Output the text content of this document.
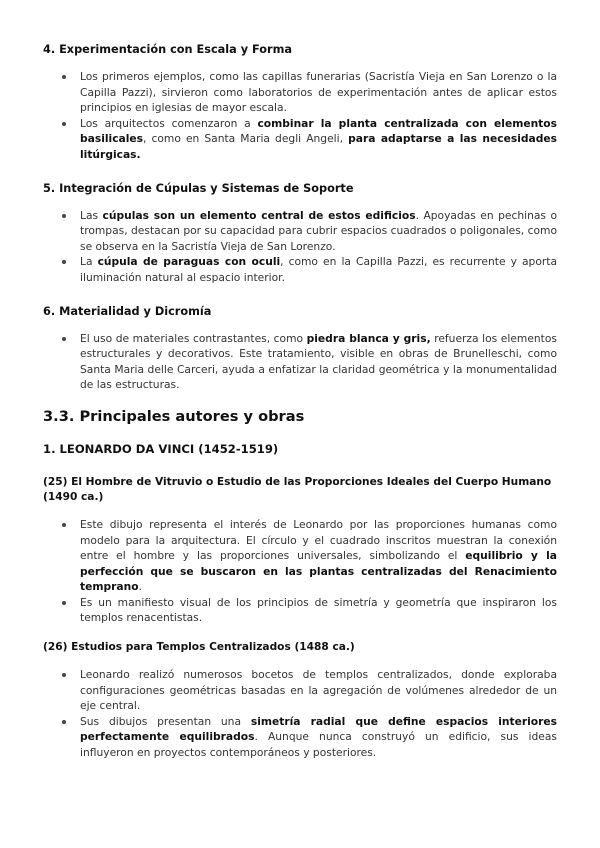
4. Experimentación con Escala y Forma
Los primeros ejemplos, como las capillas funerarias (Sacristía Vieja en San Lorenzo o la Capilla Pazzi), sirvieron como laboratorios de experimentación antes de aplicar estos principios en iglesias de mayor escala.
Los arquitectos comenzaron a combinar la planta centralizada con elementos basilicales, como en Santa Maria degli Angeli, para adaptarse a las necesidades litúrgicas.
5. Integración de Cúpulas y Sistemas de Soporte
Las cúpulas son un elemento central de estos edificios. Apoyadas en pechinas o trompas, destacan por su capacidad para cubrir espacios cuadrados o poligonales, como se observa en la Sacristía Vieja de San Lorenzo.
La cúpula de paraguas con oculi, como en la Capilla Pazzi, es recurrente y aporta iluminación natural al espacio interior.
6. Materialidad y Dicromía
El uso de materiales contrastantes, como piedra blanca y gris, refuerza los elementos estructurales y decorativos. Este tratamiento, visible en obras de Brunelleschi, como Santa Maria delle Carceri, ayuda a enfatizar la claridad geométrica y la monumentalidad de las estructuras.
3.3. Principales autores y obras
1. LEONARDO DA VINCI (1452-1519)
(25) El Hombre de Vitruvio o Estudio de las Proporciones Ideales del Cuerpo Humano (1490 ca.)
Este dibujo representa el interés de Leonardo por las proporciones humanas como modelo para la arquitectura. El círculo y el cuadrado inscritos muestran la conexión entre el hombre y las proporciones universales, simbolizando el equilibrio y la perfección que se buscaron en las plantas centralizadas del Renacimiento temprano.
Es un manifiesto visual de los principios de simetría y geometría que inspiraron los templos renacentistas.
(26) Estudios para Templos Centralizados (1488 ca.)
Leonardo realizó numerosos bocetos de templos centralizados, donde exploraba configuraciones geométricas basadas en la agregación de volúmenes alrededor de un eje central.
Sus dibujos presentan una simetría radial que define espacios interiores perfectamente equilibrados. Aunque nunca construyó un edificio, sus ideas influyeron en proyectos contemporáneos y posteriores.
